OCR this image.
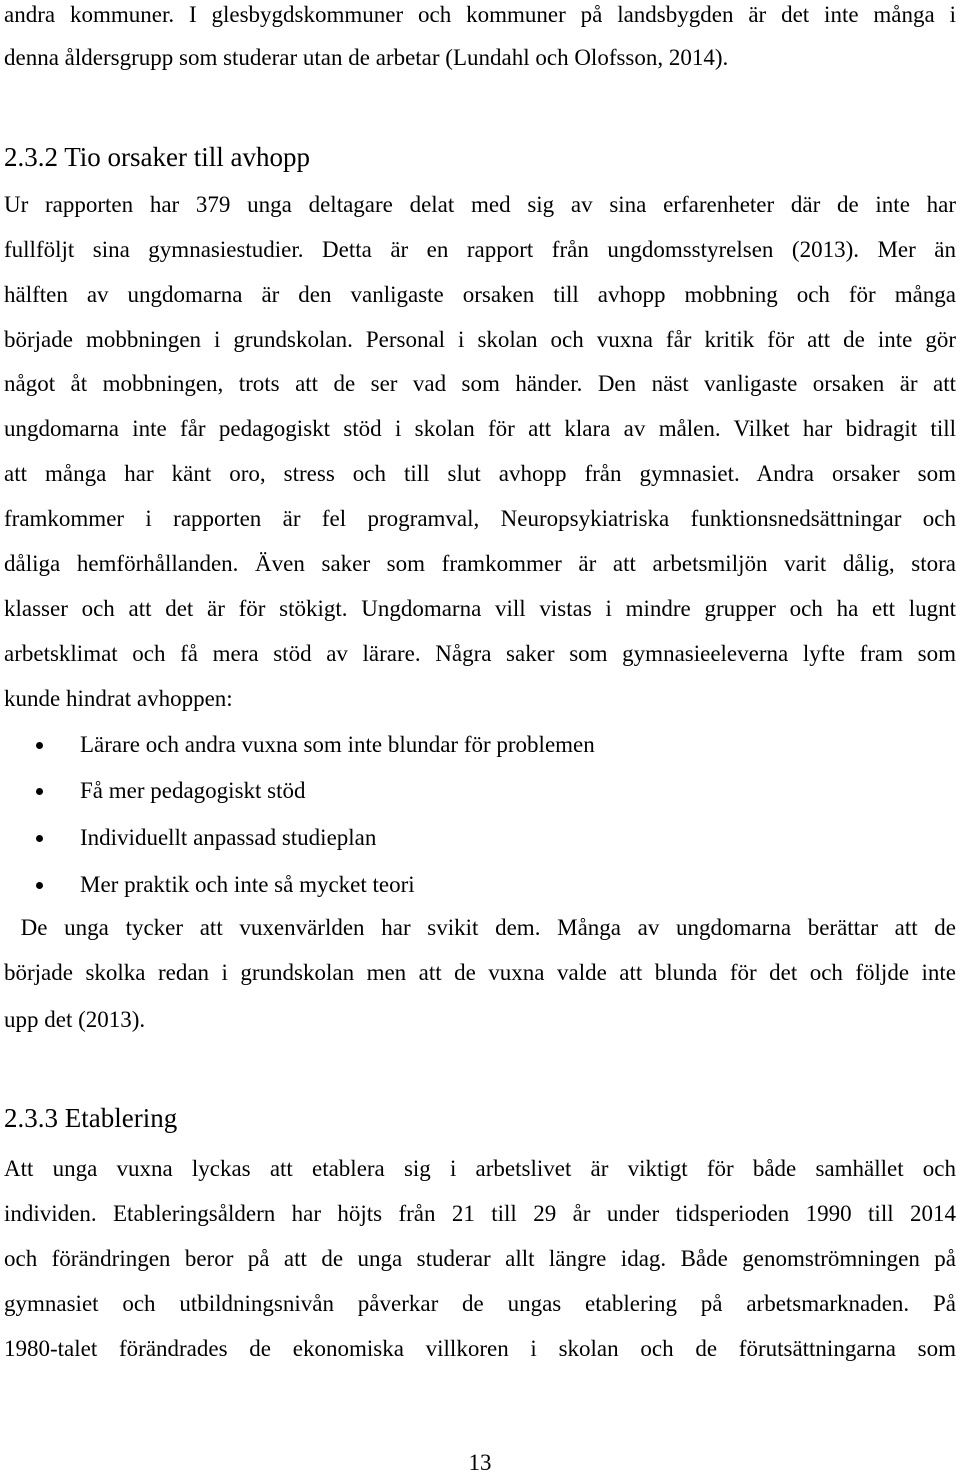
andra kommuner. I glesbygdskommuner och kommuner på landsbygden är det inte många i
denna åldersgrupp som studerar utan de arbetar (Lundahl och Olofsson, 2014).
2.3.2 Tio orsaker till avhopp
Ur rapporten har 379 unga deltagare delat med sig av sina erfarenheter där de inte har
fullföljt sina gymnasiestudier. Detta är en rapport från ungdomsstyrelsen (2013). Mer än
hälften av ungdomarna är den vanligaste orsaken till avhopp mobbning och för många
började mobbningen i grundskolan. Personal i skolan och vuxna får kritik för att de inte gör
något åt mobbningen, trots att de ser vad som händer. Den näst vanligaste orsaken är att
ungdomarna inte får pedagogiskt stöd i skolan för att klara av målen. Vilket har bidragit till
att många har känt oro, stress och till slut avhopp från gymnasiet. Andra orsaker som
framkommer i rapporten är fel programval, Neuropsykiatriska funktionsnedsättningar och
dåliga hemförhållanden. Även saker som framkommer är att arbetsmiljön varit dålig, stora
klasser och att det är för stökigt. Ungdomarna vill vistas i mindre grupper och ha ett lugnt
arbetsklimat och få mera stöd av lärare. Några saker som gymnasieeleverna lyfte fram som
kunde hindrat avhoppen:
Lärare och andra vuxna som inte blundar för problemen
Få mer pedagogiskt stöd
Individuellt anpassad studieplan
Mer praktik och inte så mycket teori
De unga tycker att vuxenvärlden har svikit dem. Många av ungdomarna berättar att de
började skolka redan i grundskolan men att de vuxna valde att blunda för det och följde inte
upp det (2013).
2.3.3 Etablering
Att unga vuxna lyckas att etablera sig i arbetslivet är viktigt för både samhället och
individen. Etableringsåldern har höjts från 21 till 29 år under tidsperioden 1990 till 2014
och förändringen beror på att de unga studerar allt längre idag. Både genomströmningen på
gymnasiet och utbildningsnivån påverkar de ungas etablering på arbetsmarknaden. På
1980-talet förändrades de ekonomiska villkoren i skolan och de förutsättningarna som
13
